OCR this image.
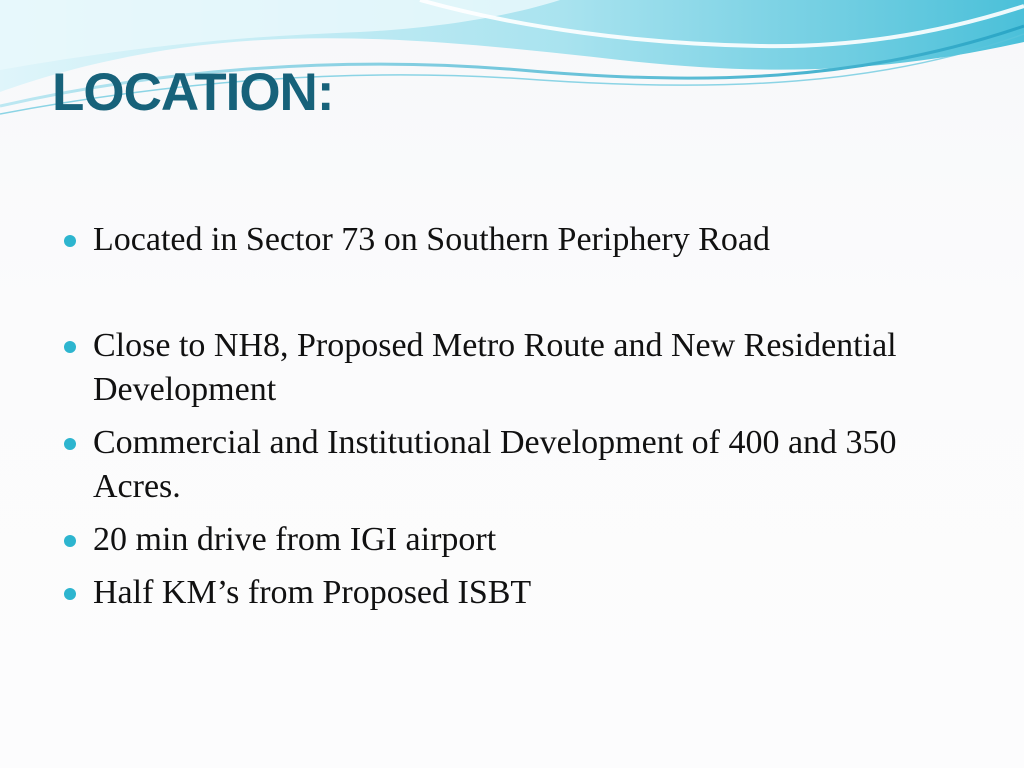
LOCATION:
Located in Sector 73 on Southern Periphery Road
Close to NH8, Proposed Metro Route and New Residential Development
Commercial and Institutional Development of 400 and 350 Acres.
20 min drive from IGI airport
Half KM’s from Proposed ISBT
